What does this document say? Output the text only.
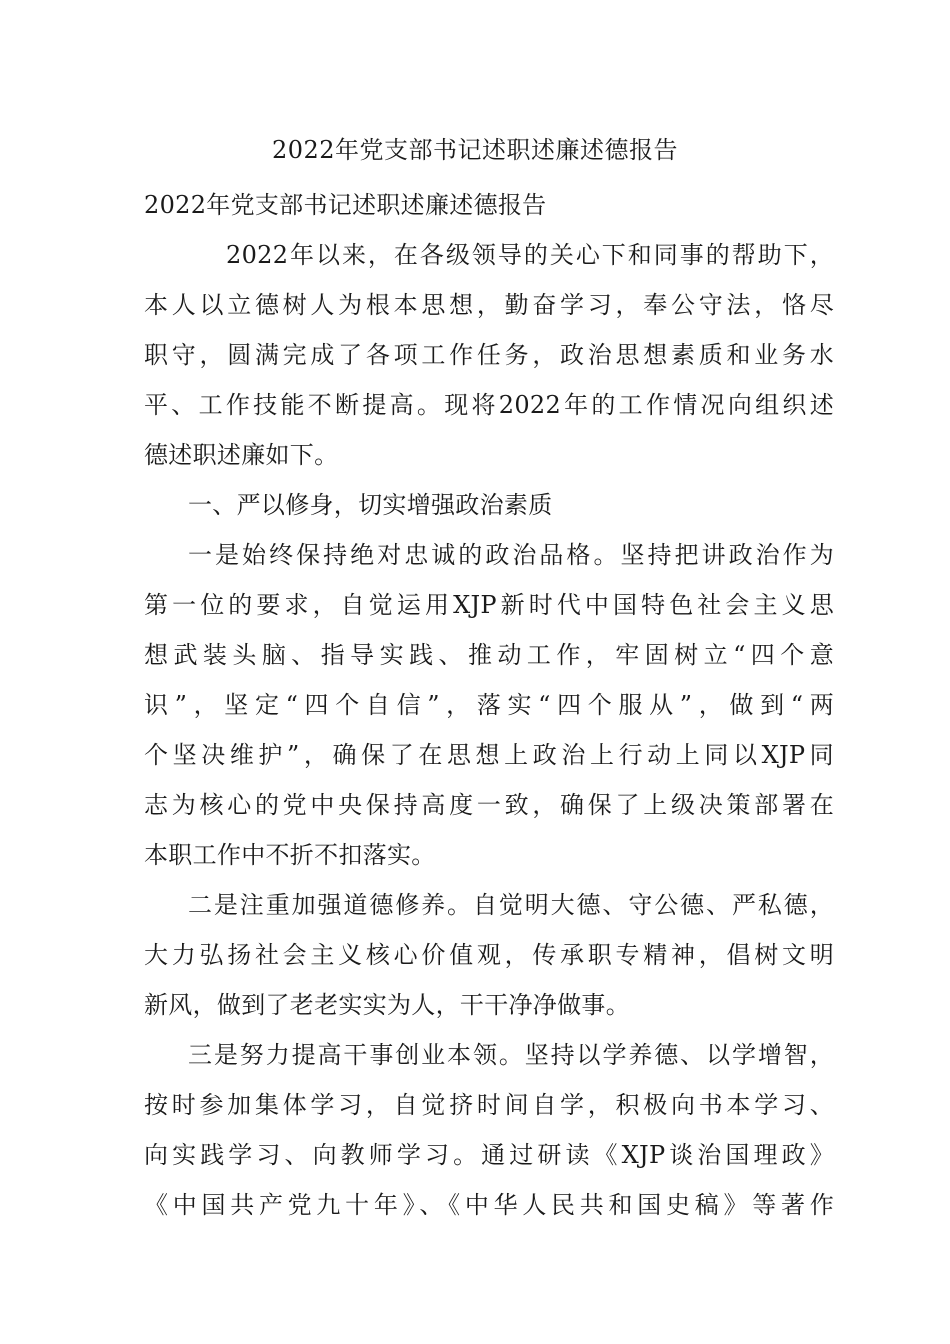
2022年党支部书记述职述廉述德报告
2022年党支部书记述职述廉述德报告
2022年以来，在各级领导的关心下和同事的帮助下，
本人以立德树人为根本思想，勤奋学习，奉公守法，恪尽
职守，圆满完成了各项工作任务，政治思想素质和业务水
平、工作技能不断提高。现将2022年的工作情况向组织述
德述职述廉如下。
一、严以修身，切实增强政治素质
一是始终保持绝对忠诚的政治品格。坚持把讲政治作为
第一位的要求，自觉运用XJP新时代中国特色社会主义思
想武装头脑、指导实践、推动工作，牢固树立“四个意
识”，坚定“四个自信”，落实“四个服从”，做到“两
个坚决维护”，确保了在思想上政治上行动上同以XJP同
志为核心的党中央保持高度一致，确保了上级决策部署在
本职工作中不折不扣落实。
二是注重加强道德修养。自觉明大德、守公德、严私德，
大力弘扬社会主义核心价值观，传承职专精神，倡树文明
新风，做到了老老实实为人，干干净净做事。
三是努力提高干事创业本领。坚持以学养德、以学增智，
按时参加集体学习，自觉挤时间自学，积极向书本学习、
向实践学习、向教师学习。通过研读《XJP谈治国理政》
《中国共产党九十年》、《中华人民共和国史稿》等著作
